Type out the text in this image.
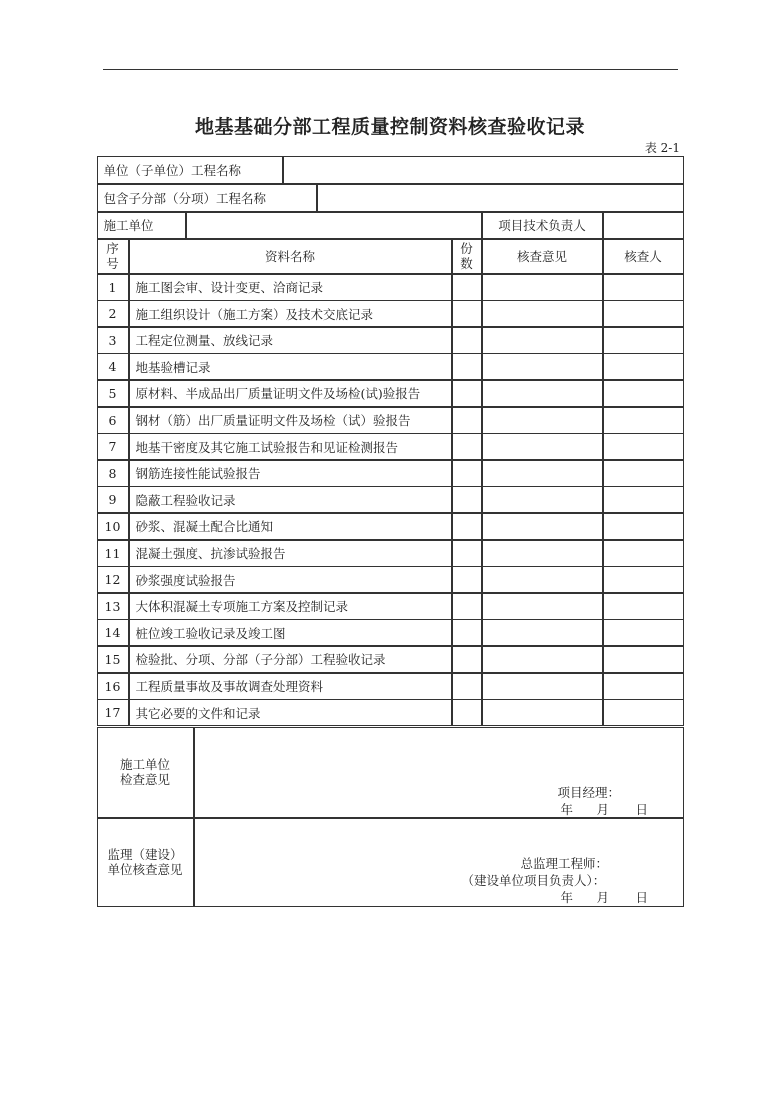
地基基础分部工程质量控制资料核查验收记录
表 2-1
单位（子单位）工程名称
包含子分部（分项）工程名称
施工单位	项目技术负责人
序
号	资料名称
份
数	核查意见	核查人
1	施工图会审、设计变更、洽商记录
2	施工组织设计（施工方案）及技术交底记录
3	工程定位测量、放线记录
4	地基验槽记录
5	原材料、半成品出厂质量证明文件及场检(试)验报告
6	钢材（筋）出厂质量证明文件及场检（试）验报告
7	地基干密度及其它施工试验报告和见证检测报告
8	钢筋连接性能试验报告
9	隐蔽工程验收记录
10	砂浆、混凝土配合比通知
11	混凝土强度、抗渗试验报告
12	砂浆强度试验报告
13	大体积混凝土专项施工方案及控制记录
14	桩位竣工验收记录及竣工图
15	检验批、分项、分部（子分部）工程验收记录
16	工程质量事故及事故调查处理资料
17	其它必要的文件和记录
施工单位
检查意见
项目经理：
年 月 日
监理（建设）
单位核查意见	总监理工程师：
（建设单位项目负责人）：
年 月 日
